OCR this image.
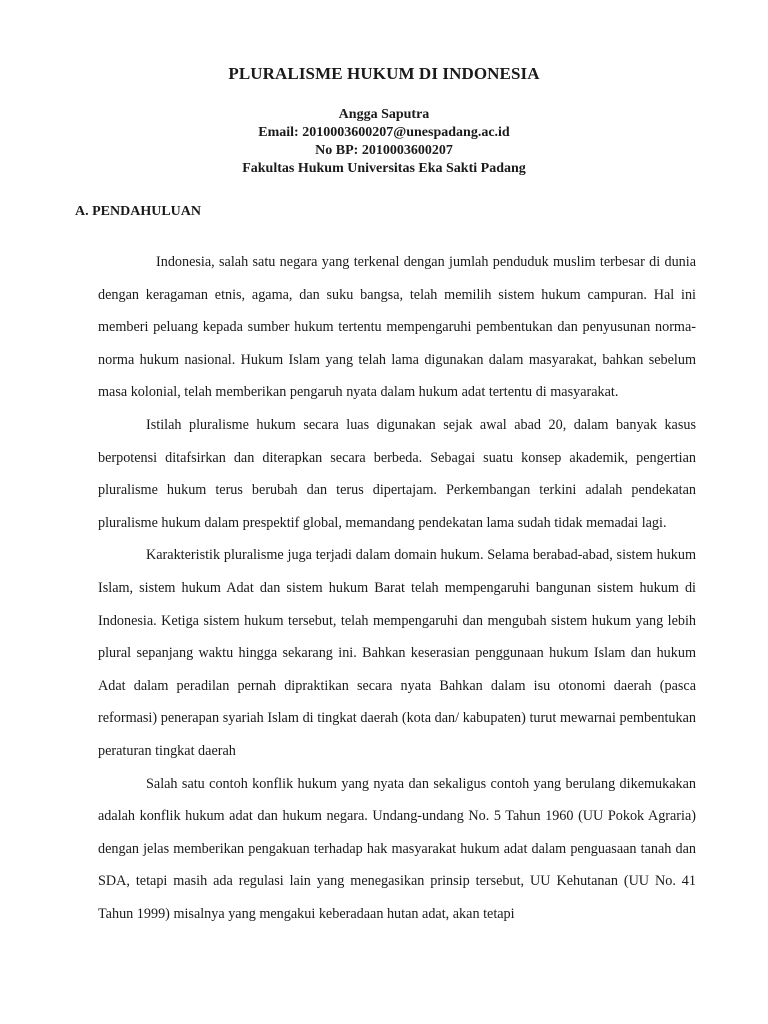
PLURALISME HUKUM DI INDONESIA
Angga Saputra
Email: 2010003600207@unespadang.ac.id
No BP: 2010003600207
Fakultas Hukum Universitas Eka Sakti Padang
A. PENDAHULUAN

Indonesia, salah satu negara yang terkenal dengan jumlah penduduk muslim terbesar di dunia dengan keragaman etnis, agama, dan suku bangsa, telah memilih sistem hukum campuran. Hal ini memberi peluang kepada sumber hukum tertentu mempengaruhi pembentukan dan penyusunan norma-norma hukum nasional. Hukum Islam yang telah lama digunakan dalam masyarakat, bahkan sebelum masa kolonial, telah memberikan pengaruh nyata dalam hukum adat tertentu di masyarakat.

Istilah pluralisme hukum secara luas digunakan sejak awal abad 20, dalam banyak kasus berpotensi ditafsirkan dan diterapkan secara berbeda. Sebagai suatu konsep akademik, pengertian pluralisme hukum terus berubah dan terus dipertajam. Perkembangan terkini adalah pendekatan pluralisme hukum dalam prespektif global, memandang pendekatan lama sudah tidak memadai lagi.

Karakteristik pluralisme juga terjadi dalam domain hukum. Selama berabad-abad, sistem hukum Islam, sistem hukum Adat dan sistem hukum Barat telah mempengaruhi bangunan sistem hukum di Indonesia. Ketiga sistem hukum tersebut, telah mempengaruhi dan mengubah sistem hukum yang lebih plural sepanjang waktu hingga sekarang ini. Bahkan keserasian penggunaan hukum Islam dan hukum Adat dalam peradilan pernah dipraktikan secara nyata Bahkan dalam isu otonomi daerah (pasca reformasi) penerapan syariah Islam di tingkat daerah (kota dan/ kabupaten) turut mewarnai pembentukan peraturan tingkat daerah

Salah satu contoh konflik hukum yang nyata dan sekaligus contoh yang berulang dikemukakan adalah konflik hukum adat dan hukum negara. Undang-undang No. 5 Tahun 1960 (UU Pokok Agraria) dengan jelas memberikan pengakuan terhadap hak masyarakat hukum adat dalam penguasaan tanah dan SDA, tetapi masih ada regulasi lain yang menegasikan prinsip tersebut, UU Kehutanan (UU No. 41 Tahun 1999) misalnya yang mengakui keberadaan hutan adat, akan tetapi
